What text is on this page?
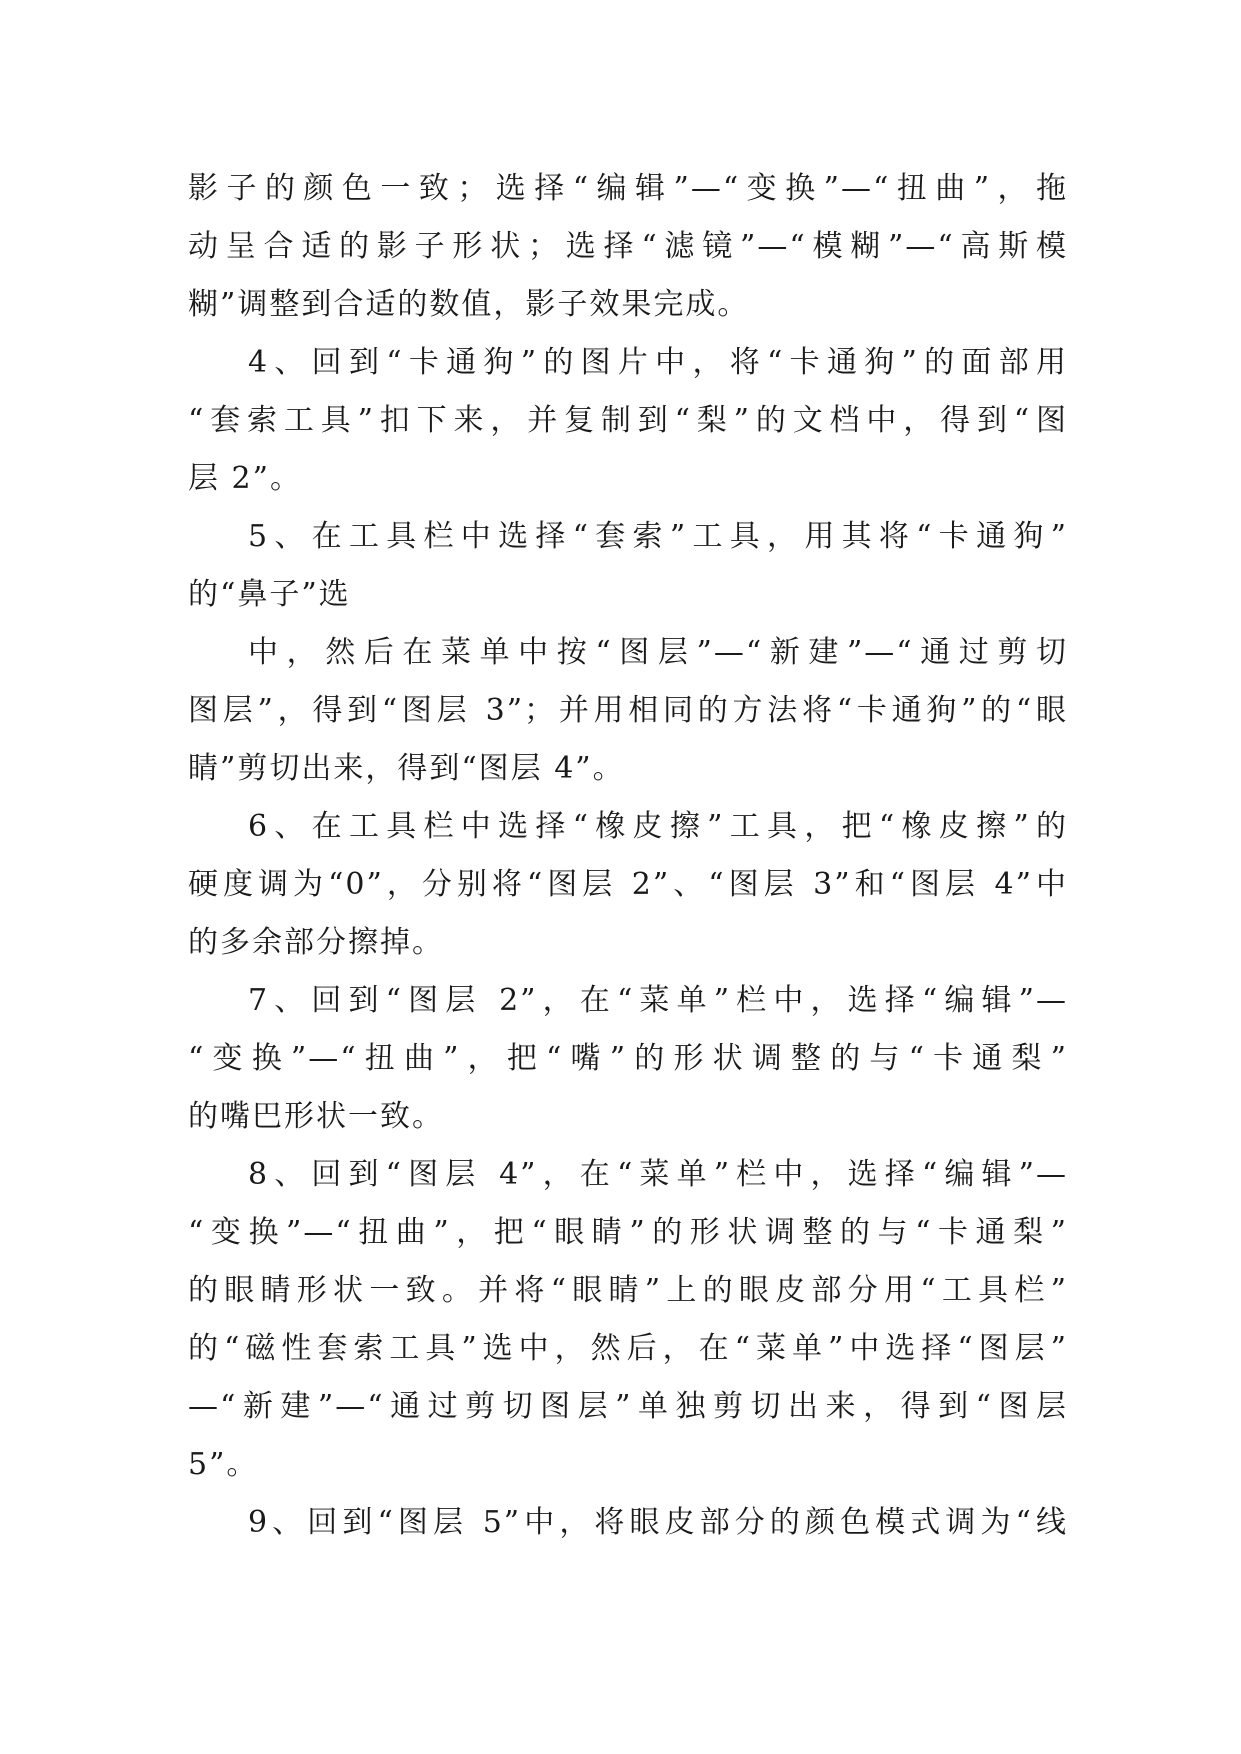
影子的颜色一致；选择“编辑”—“变换”—“扭曲”，拖
动呈合适的影子形状；选择“滤镜”—“模糊”—“高斯模
糊”调整到合适的数值，影子效果完成。
4、回到“卡通狗”的图片中，将“卡通狗”的面部用
“套索工具”扣下来，并复制到“梨”的文档中，得到“图
层 2”。
5、在工具栏中选择“套索”工具，用其将“卡通狗”
的“鼻子”选
中，然后在菜单中按“图层”—“新建”—“通过剪切
图层”，得到“图层 3”；并用相同的方法将“卡通狗”的“眼
睛”剪切出来，得到“图层 4”。
6、在工具栏中选择“橡皮擦”工具，把“橡皮擦”的
硬度调为“0”，分别将“图层 2”、“图层 3”和“图层 4”中
的多余部分擦掉。
7、回到“图层 2”，在“菜单”栏中，选择“编辑”—
“变换”—“扭曲”，把“嘴”的形状调整的与“卡通梨”
的嘴巴形状一致。
8、回到“图层 4”，在“菜单”栏中，选择“编辑”—
“变换”—“扭曲”，把“眼睛”的形状调整的与“卡通梨”
的眼睛形状一致。并将“眼睛”上的眼皮部分用“工具栏”
的“磁性套索工具”选中，然后，在“菜单”中选择“图层”
—“新建”—“通过剪切图层”单独剪切出来，得到“图层
5”。
9、回到“图层 5”中，将眼皮部分的颜色模式调为“线
